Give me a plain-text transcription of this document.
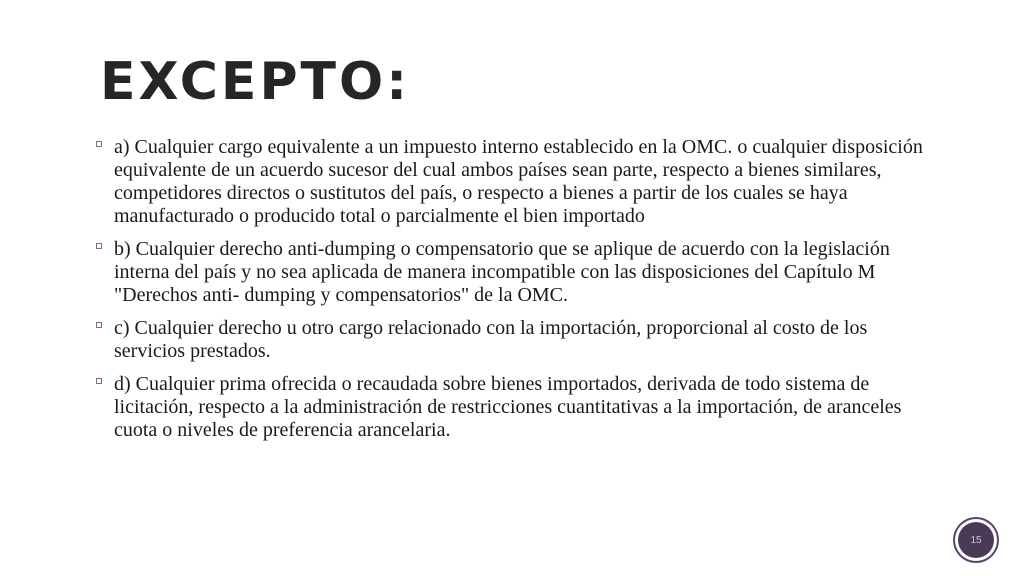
EXCEPTO:
a) Cualquier cargo equivalente a un impuesto interno establecido en la OMC. o cualquier disposición equivalente de un acuerdo sucesor del cual ambos países sean parte, respecto a bienes similares, competidores directos o sustitutos del país, o respecto a bienes a partir de los cuales se haya manufacturado o producido total o parcialmente el bien importado
b) Cualquier derecho anti-dumping o compensatorio que se aplique de acuerdo con la legislación interna del país y no sea aplicada de manera incompatible con las disposiciones del Capítulo M "Derechos anti- dumping y compensatorios" de la OMC.
c) Cualquier derecho u otro cargo relacionado con la importación, proporcional al costo de los servicios prestados.
d) Cualquier prima ofrecida o recaudada sobre bienes importados, derivada de todo sistema de licitación, respecto a la administración de restricciones cuantitativas a la importación, de aranceles cuota o niveles de preferencia arancelaria.
15
